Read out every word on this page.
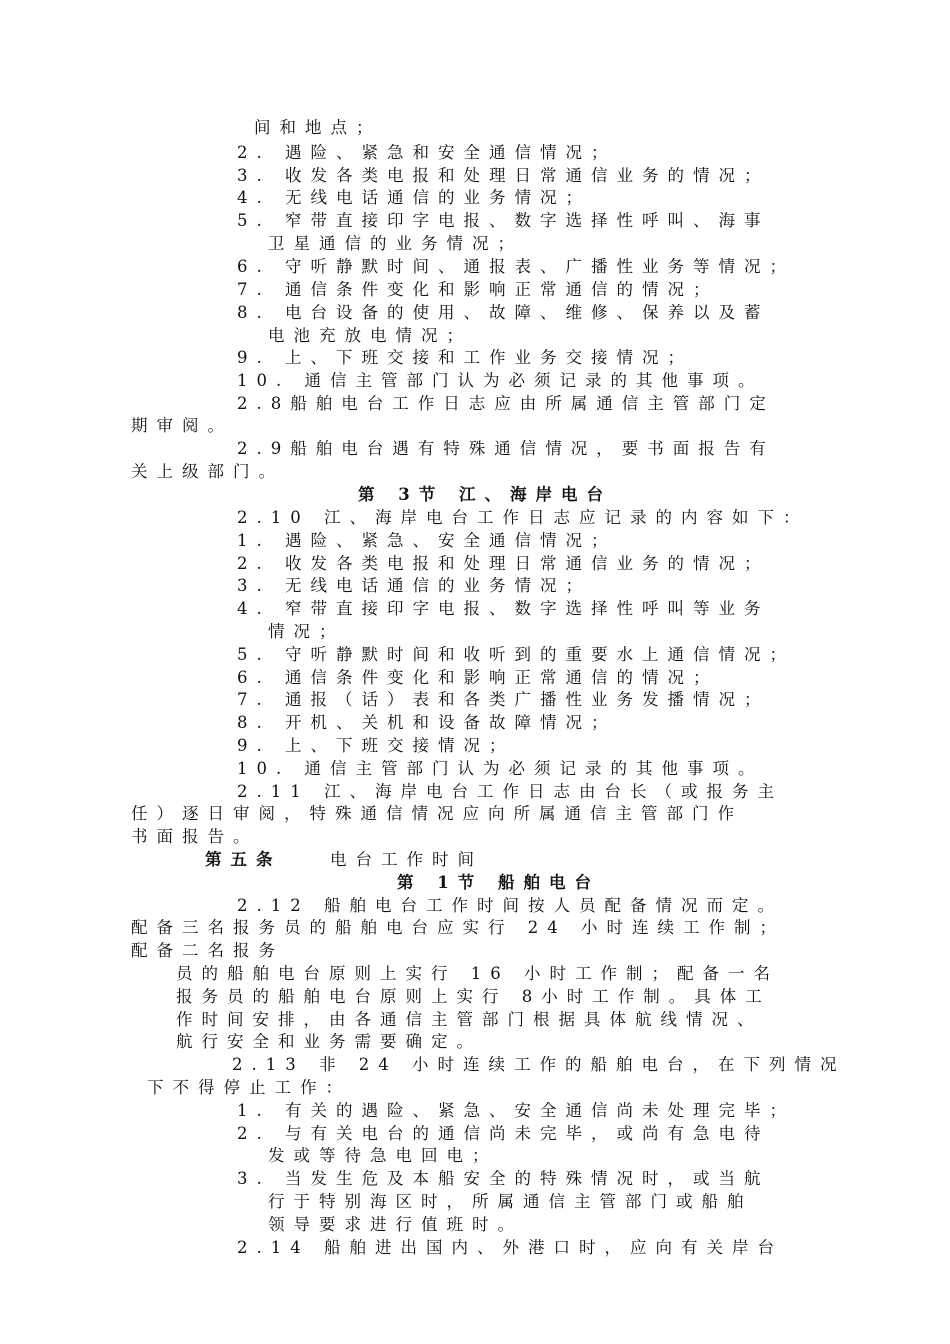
间和地点；
2. 遇险、紧急和安全通信情况；
3. 收发各类电报和处理日常通信业务的情况；
4. 无线电话通信的业务情况；
5. 窄带直接印字电报、数字选择性呼叫、海事
卫星通信的业务情况；
6. 守听静默时间、通报表、广播性业务等情况；
7. 通信条件变化和影响正常通信的情况；
8. 电台设备的使用、故障、维修、保养以及蓄
电池充放电情况；
9. 上、下班交接和工作业务交接情况；
10. 通信主管部门认为必须记录的其他事项。
2.8船舶电台工作日志应由所属通信主管部门定
期审阅。
2.9船舶电台遇有特殊通信情况，要书面报告有
关上级部门。
第 3节 江、海岸电台
2.10 江、海岸电台工作日志应记录的内容如下：
1. 遇险、紧急、安全通信情况；
2. 收发各类电报和处理日常通信业务的情况；
3. 无线电话通信的业务情况；
4. 窄带直接印字电报、数字选择性呼叫等业务
情况；
5. 守听静默时间和收听到的重要水上通信情况；
6. 通信条件变化和影响正常通信的情况；
7. 通报（话）表和各类广播性业务发播情况；
8. 开机、关机和设备故障情况；
9. 上、下班交接情况；
10. 通信主管部门认为必须记录的其他事项。
2.11 江、海岸电台工作日志由台长（或报务主
任）逐日审阅，特殊通信情况应向所属通信主管部门作
书面报告。
第五条	电台工作时间
第 1节 船舶电台
2.12 船舶电台工作时间按人员配备情况而定。
配备三名报务员的船舶电台应实行 24 小时连续工作制；
配备二名报务
员的船舶电台原则上实行 16 小时工作制；配备一名
报务员的船舶电台原则上实行 8小时工作制。具体工
作时间安排，由各通信主管部门根据具体航线情况、
航行安全和业务需要确定。
2.13 非 24 小时连续工作的船舶电台，在下列情况
下不得停止工作：
1. 有关的遇险、紧急、安全通信尚未处理完毕；
2. 与有关电台的通信尚未完毕，或尚有急电待
发或等待急电回电；
3. 当发生危及本船安全的特殊情况时，或当航
行于特别海区时，所属通信主管部门或船舶
领导要求进行值班时。
2.14 船舶进出国内、外港口时，应向有关岸台
